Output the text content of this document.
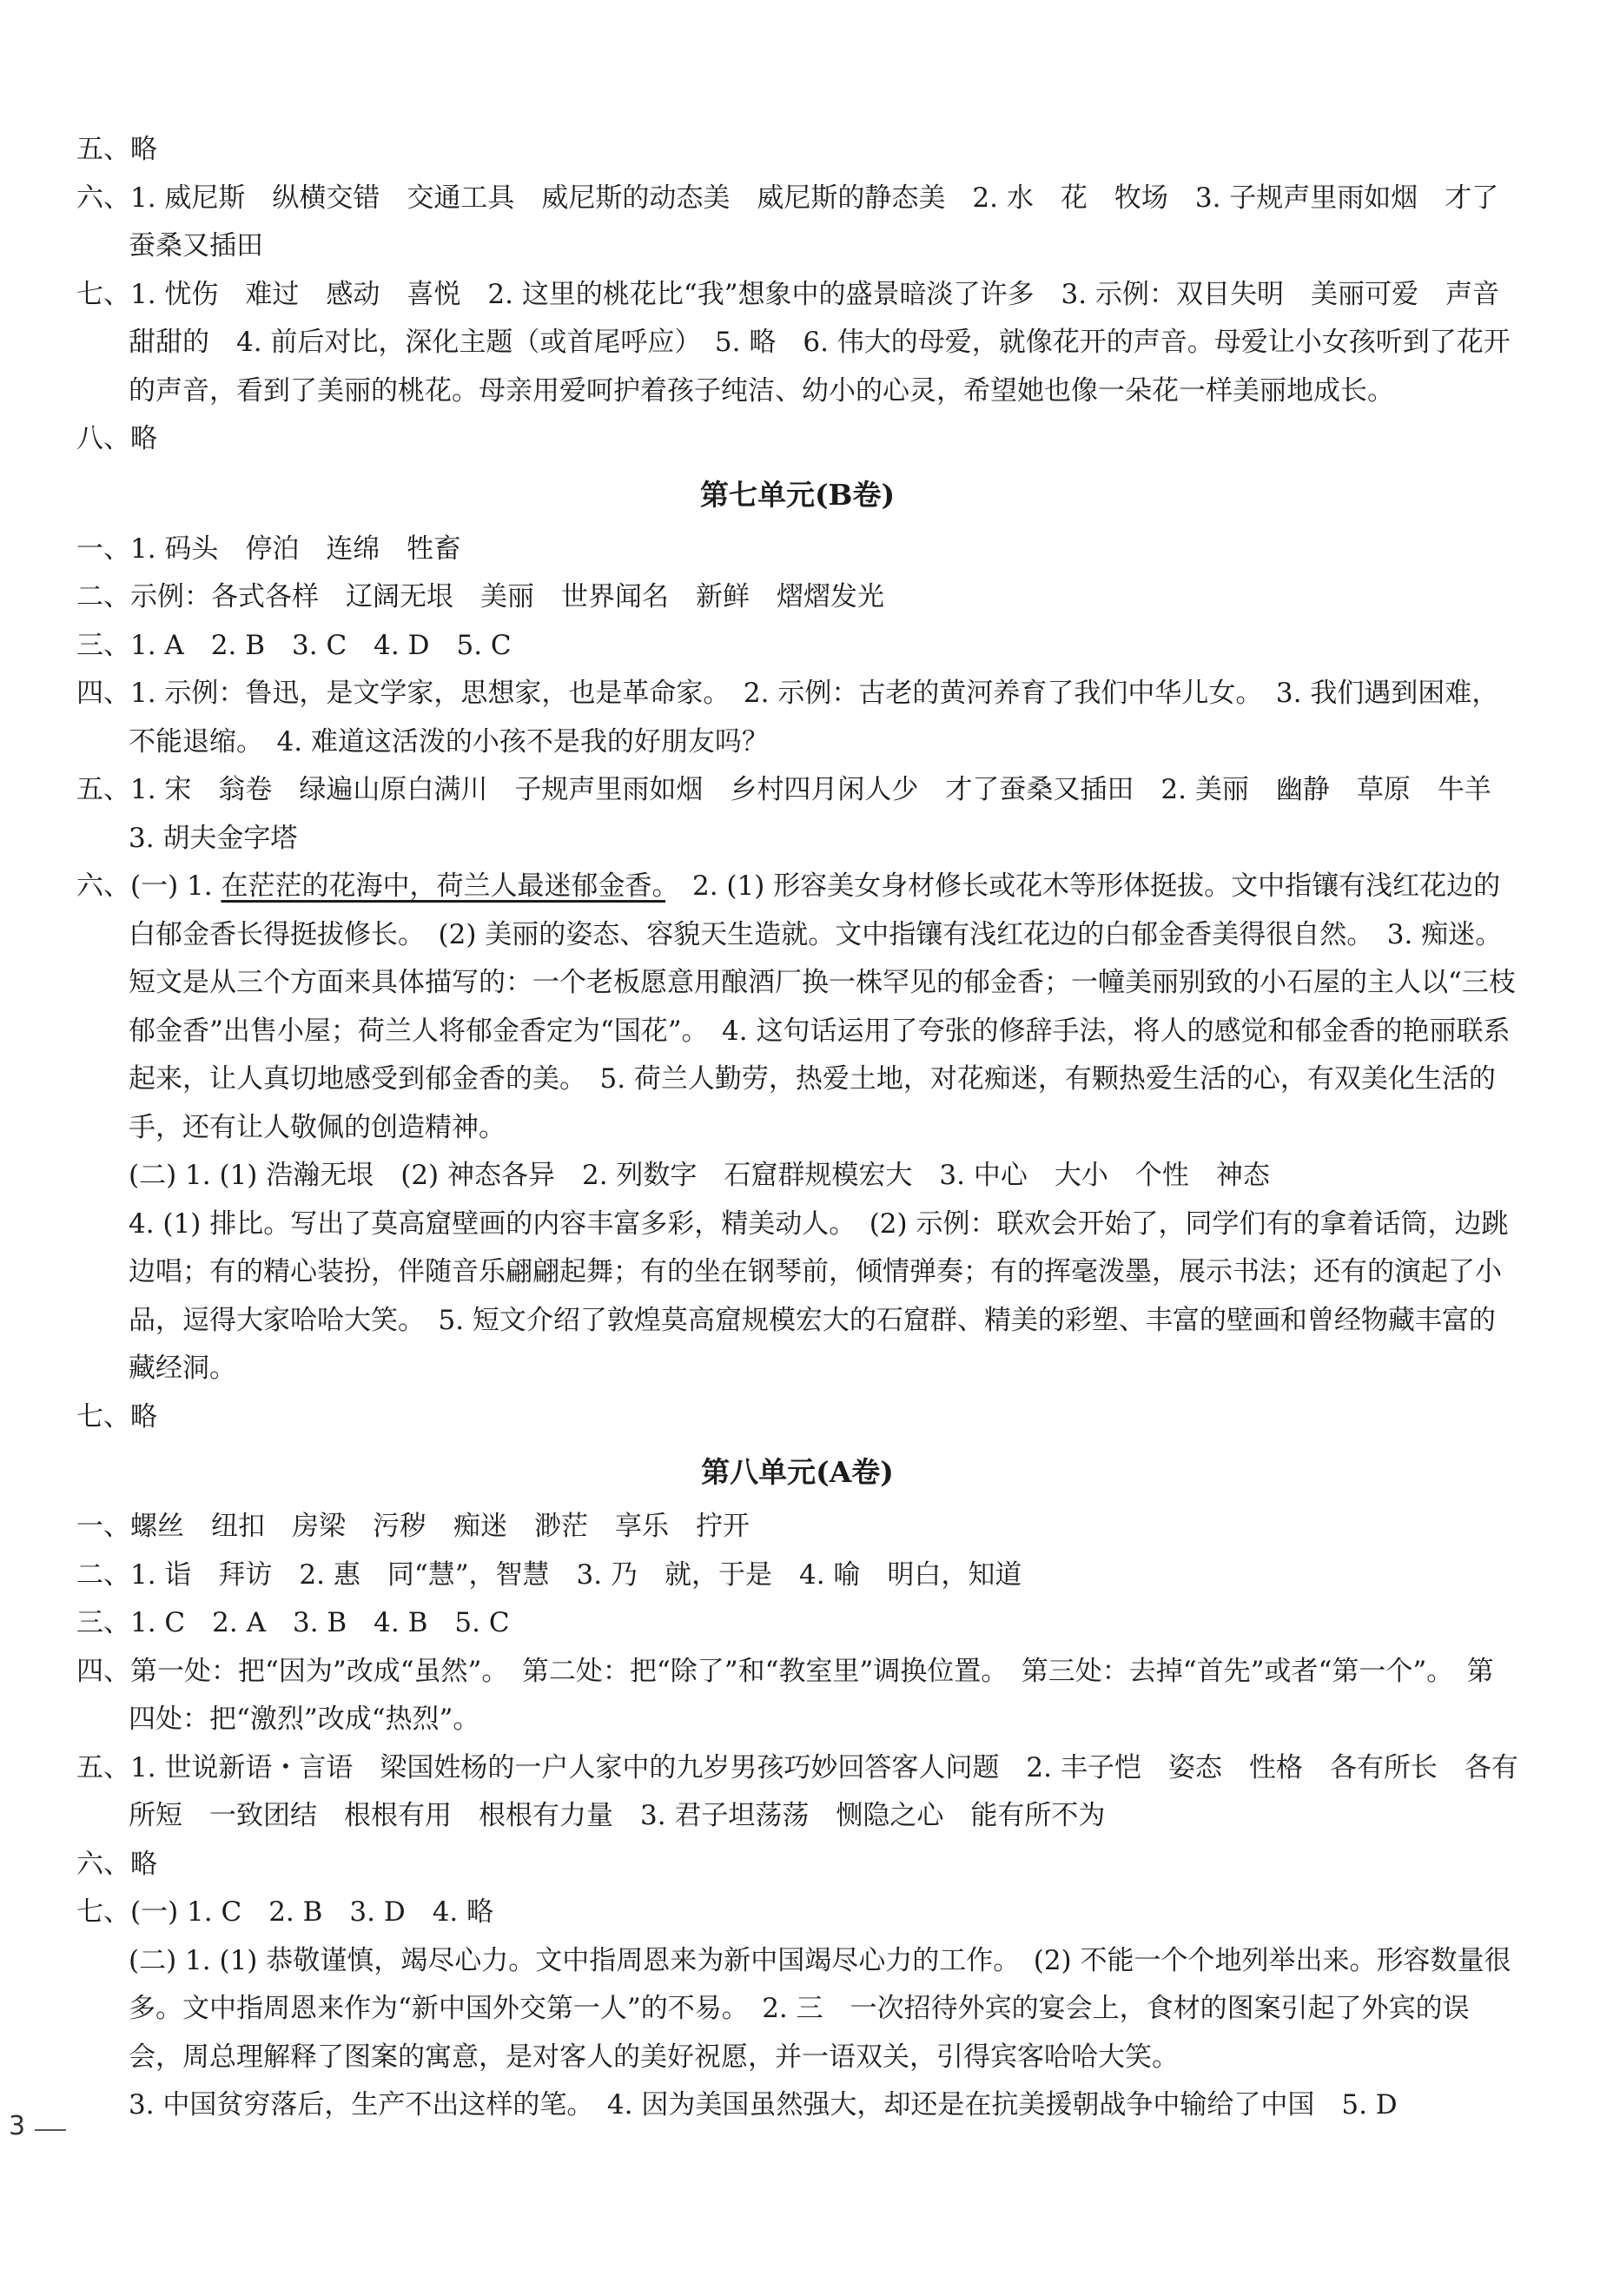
五、略

六、1. 威尼斯　纵横交错　交通工具　威尼斯的动态美　威尼斯的静态美　2. 水　花　牧场　3. 子规声里雨如烟　才了蚕桑又插田

七、1. 忧伤　难过　感动　喜悦　2. 这里的桃花比“我”想象中的盛景暗淡了许多　3. 示例：双目失明　美丽可爱　声音甜甜的　4. 前后对比，深化主题（或首尾呼应）　5. 略　6. 伟大的母爱，就像花开的声音。母爱让小女孩听到了花开的声音，看到了美丽的桃花。母亲用爱呵护着孩子纯洁、幼小的心灵，希望她也像一朵花一样美丽地成长。

八、略

第七单元(B卷)

一、1. 码头　停泊　连绵　牲畜

二、示例：各式各样　辽阔无垠　美丽　世界闻名　新鲜　熠熠发光

三、1. A　2. B　3. C　4. D　5. C

四、1. 示例：鲁迅，是文学家，思想家，也是革命家。　2. 示例：古老的黄河养育了我们中华儿女。　3. 我们遇到困难，不能退缩。　4. 难道这活泼的小孩不是我的好朋友吗？

五、1. 宋　翁卷　绿遍山原白满川　子规声里雨如烟　乡村四月闲人少　才了蚕桑又插田　2. 美丽　幽静　草原　牛羊　3. 胡夫金字塔

六、(一) 1. 在茫茫的花海中，荷兰人最迷郁金香。　2. (1) 形容美女身材修长或花木等形体挺拔。文中指镶有浅红花边的白郁金香长得挺拔修长。　(2) 美丽的姿态、容貌天生造就。文中指镶有浅红花边的白郁金香美得很自然。　3. 痴迷。短文是从三个方面来具体描写的：一个老板愿意用酿酒厂换一株罕见的郁金香；一幢美丽别致的小石屋的主人以“三枝郁金香”出售小屋；荷兰人将郁金香定为“国花”。　4. 这句话运用了夸张的修辞手法，将人的感觉和郁金香的艳丽联系起来，让人真切地感受到郁金香的美。　5. 荷兰人勤劳，热爱土地，对花痴迷，有颗热爱生活的心，有双美化生活的手，还有让人敬佩的创造精神。

(二) 1. (1) 浩瀚无垠　(2) 神态各异　2. 列数字　石窟群规模宏大　3. 中心　大小　个性　神态

4. (1) 排比。写出了莫高窟壁画的内容丰富多彩，精美动人。　(2) 示例：联欢会开始了，同学们有的拿着话筒，边跳边唱；有的精心装扮，伴随音乐翩翩起舞；有的坐在钢琴前，倾情弹奏；有的挥毫泼墨，展示书法；还有的演起了小品，逗得大家哈哈大笑。　5. 短文介绍了敦煌莫高窟规模宏大的石窟群、精美的彩塑、丰富的壁画和曾经物藏丰富的藏经洞。

七、略

第八单元(A卷)

一、螺丝　纽扣　房梁　污秽　痴迷　渺茫　享乐　拧开

二、1. 诣　拜访　2. 惠　同“慧”，智慧　3. 乃　就，于是　4. 喻　明白，知道

三、1. C　2. A　3. B　4. B　5. C

四、第一处：把“因为”改成“虽然”。　第二处：把“除了”和“教室里”调换位置。　第三处：去掉“首先”或者“第一个”。　第四处：把“激烈”改成“热烈”。

五、1. 世说新语・言语　梁国姓杨的一户人家中的九岁男孩巧妙回答客人问题　2. 丰子恺　姿态　性格　各有所长　各有所短　一致团结　根根有用　根根有力量　3. 君子坦荡荡　恻隐之心　能有所不为

六、略

七、(一) 1. C　2. B　3. D　4. 略

(二) 1. (1) 恭敬谨慎，竭尽心力。文中指周恩来为新中国竭尽心力的工作。　(2) 不能一个个地列举出来。形容数量很多。文中指周恩来作为“新中国外交第一人”的不易。　2. 三　一次招待外宾的宴会上，食材的图案引起了外宾的误会，周总理解释了图案的寓意，是对客人的美好祝愿，并一语双关，引得宾客哈哈大笑。

3. 中国贫穷落后，生产不出这样的笔。　4. 因为美国虽然强大，却还是在抗美援朝战争中输给了中国　5. D

3
